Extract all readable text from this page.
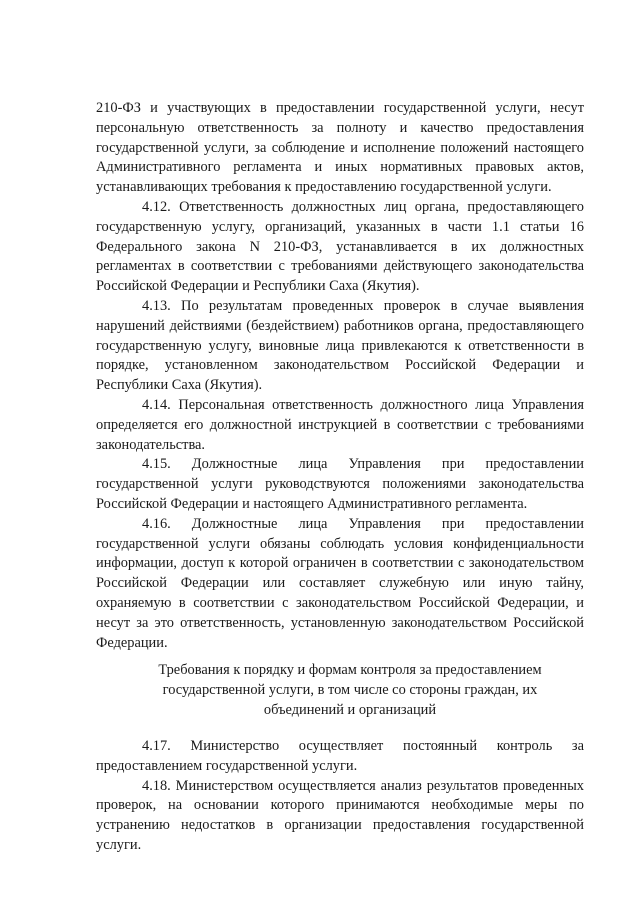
210-ФЗ и участвующих в предоставлении государственной услуги, несут персональную ответственность за полноту и качество предоставления государственной услуги, за соблюдение и исполнение положений настоящего Административного регламента и иных нормативных правовых актов, устанавливающих требования к предоставлению государственной услуги.

4.12. Ответственность должностных лиц органа, предоставляющего государственную услугу, организаций, указанных в части 1.1 статьи 16 Федерального закона N 210-ФЗ, устанавливается в их должностных регламентах в соответствии с требованиями действующего законодательства Российской Федерации и Республики Саха (Якутия).

4.13. По результатам проведенных проверок в случае выявления нарушений действиями (бездействием) работников органа, предоставляющего государственную услугу, виновные лица привлекаются к ответственности в порядке, установленном законодательством Российской Федерации и Республики Саха (Якутия).

4.14. Персональная ответственность должностного лица Управления определяется его должностной инструкцией в соответствии с требованиями законодательства.

4.15. Должностные лица Управления при предоставлении государственной услуги руководствуются положениями законодательства Российской Федерации и настоящего Административного регламента.

4.16. Должностные лица Управления при предоставлении государственной услуги обязаны соблюдать условия конфиденциальности информации, доступ к которой ограничен в соответствии с законодательством Российской Федерации или составляет служебную или иную тайну, охраняемую в соответствии с законодательством Российской Федерации, и несут за это ответственность, установленную законодательством Российской Федерации.

Требования к порядку и формам контроля за предоставлением государственной услуги, в том числе со стороны граждан, их объединений и организаций

4.17. Министерство осуществляет постоянный контроль за предоставлением государственной услуги.

4.18. Министерством осуществляется анализ результатов проведенных проверок, на основании которого принимаются необходимые меры по устранению недостатков в организации предоставления государственной услуги.
